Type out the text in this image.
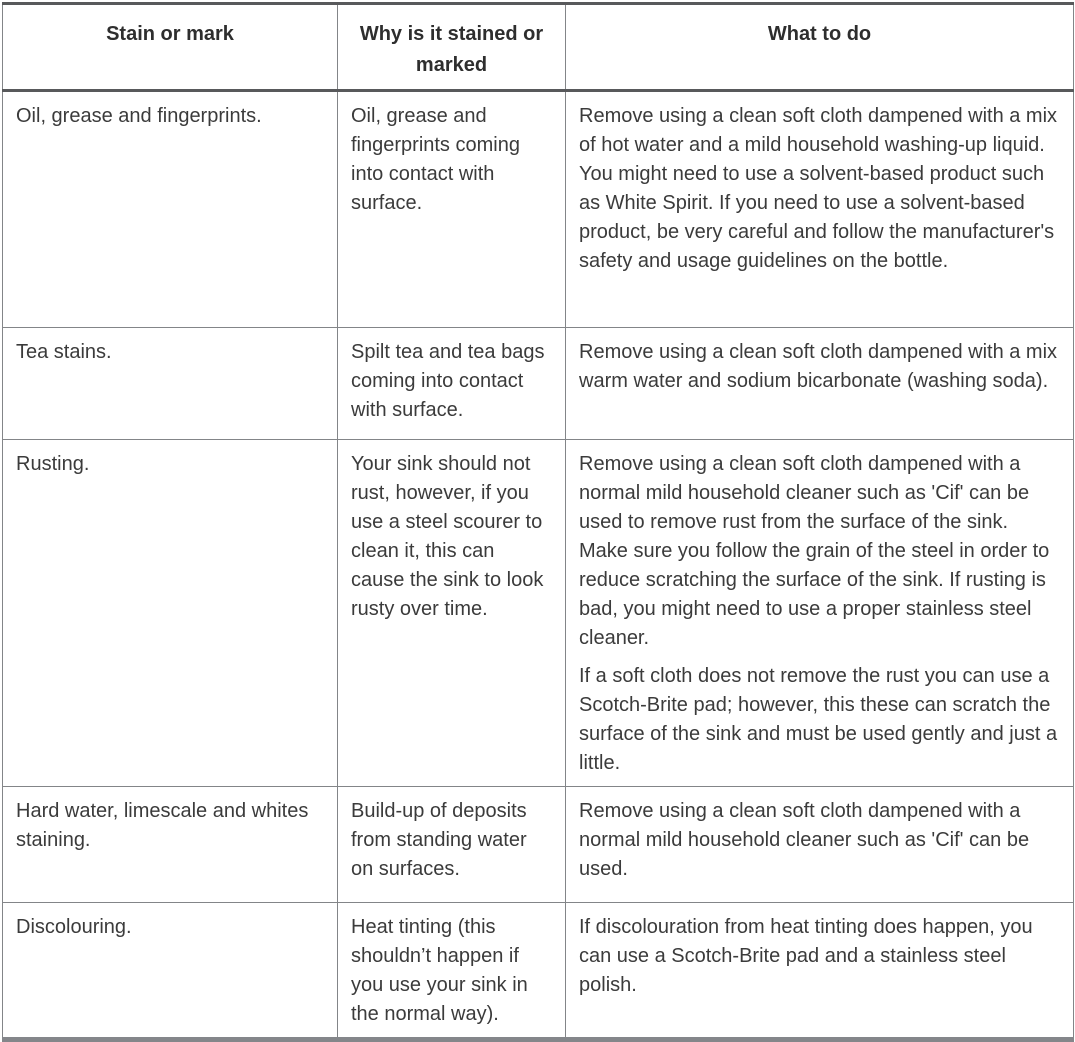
Stain or mark	Why is it stained or marked	What to do

Oil, grease and fingerprints.	Oil, grease and fingerprints coming into contact with surface.	Remove using a clean soft cloth dampened with a mix of hot water and a mild household washing-up liquid. You might need to use a solvent-based product such as White Spirit. If you need to use a solvent-based product, be very careful and follow the manufacturer's safety and usage guidelines on the bottle.

Tea stains.	Spilt tea and tea bags coming into contact with surface.	Remove using a clean soft cloth dampened with a mix warm water and sodium bicarbonate (washing soda).

Rusting.	Your sink should not rust, however, if you use a steel scourer to clean it, this can cause the sink to look rusty over time.	Remove using a clean soft cloth dampened with a normal mild household cleaner such as 'Cif' can be used to remove rust from the surface of the sink. Make sure you follow the grain of the steel in order to reduce scratching the surface of the sink. If rusting is bad, you might need to use a proper stainless steel cleaner.

If a soft cloth does not remove the rust you can use a Scotch-Brite pad; however, this these can scratch the surface of the sink and must be used gently and just a little.

Hard water, limescale and whites staining.	Build-up of deposits from standing water on surfaces.	Remove using a clean soft cloth dampened with a normal mild household cleaner such as 'Cif' can be used.

Discolouring.	Heat tinting (this shouldn’t happen if you use your sink in the normal way).	If discolouration from heat tinting does happen, you can use a Scotch-Brite pad and a stainless steel polish.
